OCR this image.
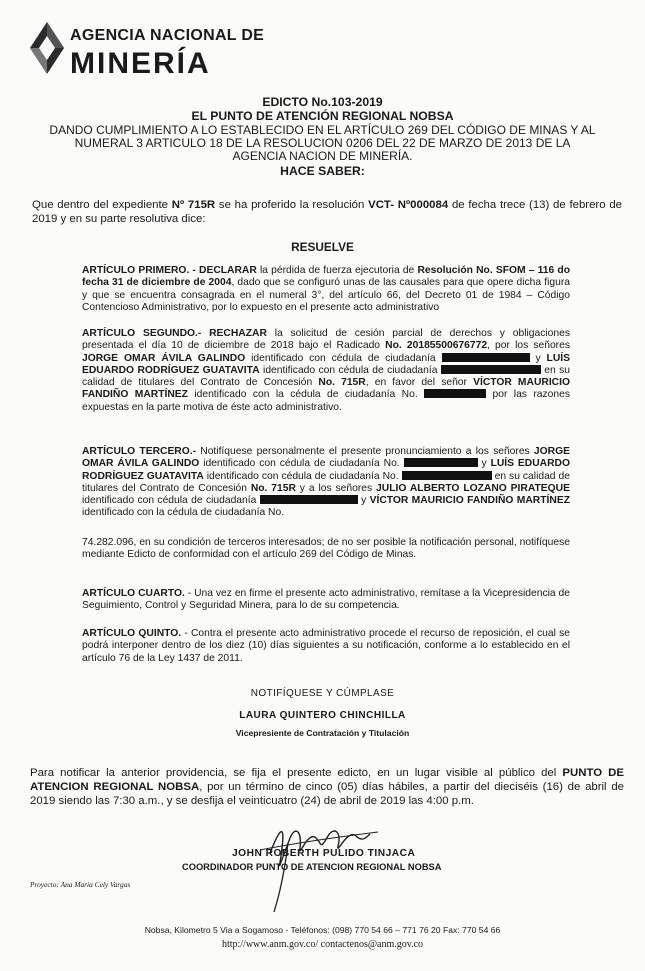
AGENCIA NACIONAL DE
MINERÍA
EDICTO No.103-2019
EL PUNTO DE ATENCIÓN REGIONAL NOBSA
DANDO CUMPLIMIENTO A LO ESTABLECIDO EN EL ARTÍCULO 269 DEL CÓDIGO DE MINAS Y AL
NUMERAL 3 ARTICULO 18 DE LA RESOLUCION 0206 DEL 22 DE MARZO DE 2013 DE LA
AGENCIA NACION DE MINERÍA.
HACE SABER:
Que dentro del expediente Nº 715R se ha proferido la resolución VCT- Nº000084 de fecha trece (13) de febrero de 2019 y en su parte resolutiva dice:
RESUELVE
ARTÍCULO PRIMERO. - DECLARAR la pérdida de fuerza ejecutoria de Resolución No. SFOM – 116 do fecha 31 de diciembre de 2004, dado que se configuró unas de las causales para que opere dicha figura y que se encuentra consagrada en el numeral 3°, del artículo 66, del Decreto 01 de 1984 – Código Contencioso Administrativo, por lo expuesto en el presente acto administrativo
ARTÍCULO SEGUNDO.- RECHAZAR la solicitud de cesión parcial de derechos y obligaciones presentada el día 10 de diciembre de 2018 bajo el Radicado No. 20185500676772, por los señores JORGE OMAR ÁVILA GALINDO identificado con cédula de ciudadanía	y LUÍS EDUARDO RODRÍGUEZ GUATAVITA identificado con cédula de ciudadanía	en su calidad de titulares del Contrato de Concesión No. 715R, en favor del señor VÍCTOR MAURICIO FANDIÑO MARTÍNEZ identificado con la cédula de ciudadanía No.	por las razones expuestas en la parte motiva de éste acto administrativo.
ARTÍCULO TERCERO.- Notifíquese personalmente el presente pronunciamiento a los señores JORGE OMAR ÁVILA GALINDO identificado con cédula de ciudadanía No.	y LUÍS EDUARDO RODRÍGUEZ GUATAVITA identificado con cédula de ciudadanía No.	en su calidad de titulares del Contrato de Concesión No. 715R y a los señores JULIO ALBERTO LOZANO PIRATEQUE identificado con cédula de ciudadanía	y VÍCTOR MAURICIO FANDIÑO MARTÍNEZ identificado con la cédula de ciudadanía No.
74.282.096, en su condición de terceros interesados; de no ser posible la notificación personal, notifíquese mediante Edicto de conformidad con el artículo 269 del Código de Minas.
ARTÍCULO CUARTO. - Una vez en firme el presente acto administrativo, remítase a la Vicepresidencia de Seguimiento, Control y Seguridad Minera, para lo de su competencia.
ARTÍCULO QUINTO. - Contra el presente acto administrativo procede el recurso de reposición, el cual se podrá interponer dentro de los diez (10) días siguientes a su notificación, conforme a lo establecido en el artículo 76 de la Ley 1437 de 2011.
NOTIFÍQUESE Y CÚMPLASE
LAURA QUINTERO CHINCHILLA
Vicepresiente de Contratación y Titulación
Para notificar la anterior providencia, se fija el presente edicto, en un lugar visible al público del PUNTO DE ATENCION REGIONAL NOBSA, por un término de cinco (05) días hábiles, a partir del dieciséis (16) de abril de 2019 siendo las 7:30 a.m., y se desfija el veinticuatro (24) de abril de 2019 las 4:00 p.m.
JOHN ROBERTH PULIDO TINJACA
COORDINADOR PUNTO DE ATENCION REGIONAL NOBSA
Proyecto: Ana Maria Cely Vargas
Nobsa, Kilometro 5 Via a Sogamoso - Teléfonos: (098) 770 54 66 – 771 76 20 Fax: 770 54 66
http://www.anm.gov.co/ contactenos@anm.gov.co
